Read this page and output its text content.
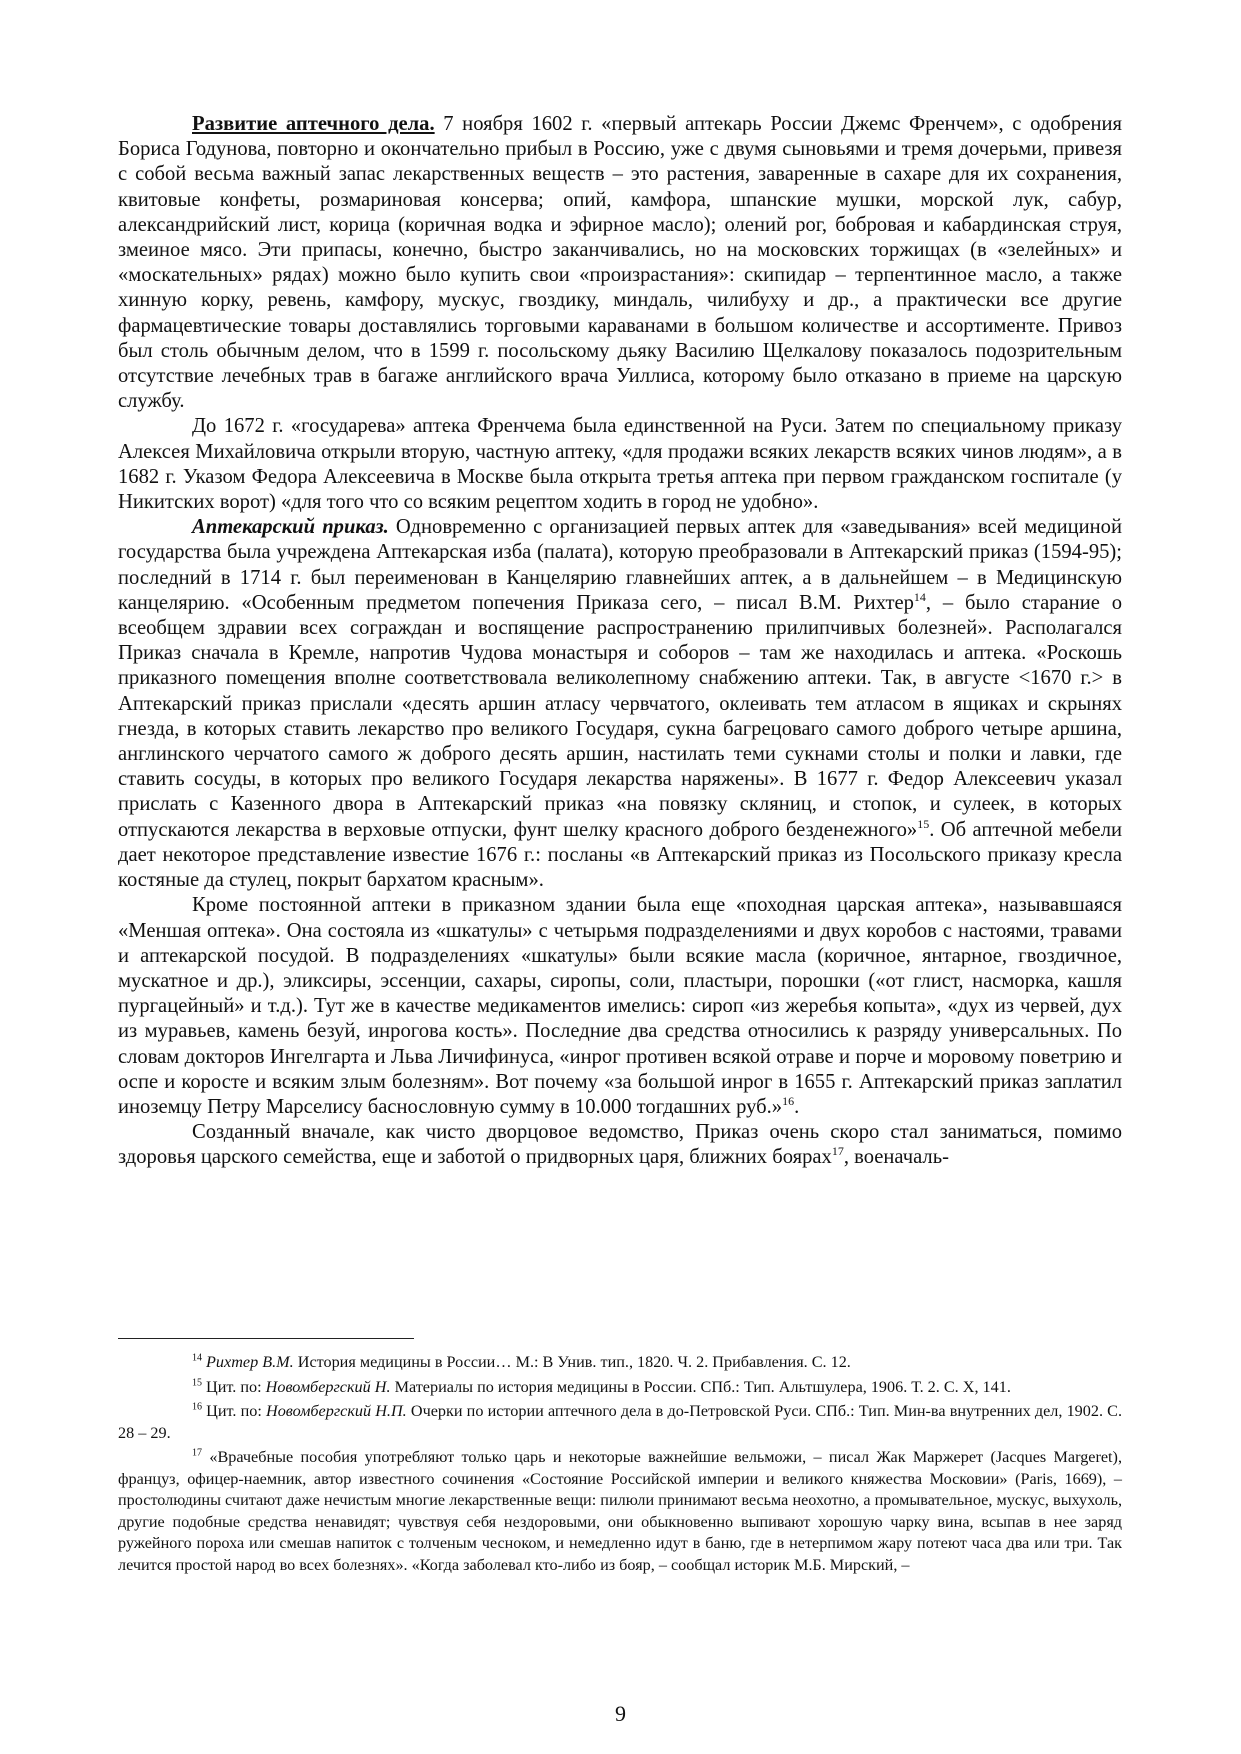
Развитие аптечного дела. 7 ноября 1602 г. «первый аптекарь России Джемс Френчем», с одобрения Бориса Годунова, повторно и окончательно прибыл в Россию, уже с двумя сыновьями и тремя дочерьми, привезя с собой весьма важный запас лекарственных веществ – это растения, заваренные в сахаре для их сохранения, квитовые конфеты, розмариновая консерва; опий, камфора, шпанские мушки, морской лук, сабур, александрийский лист, корица (коричная водка и эфирное масло); олений рог, бобровая и кабардинская струя, змеиное мясо. Эти припасы, конечно, быстро заканчивались, но на московских торжищах (в «зелейных» и «москательных» рядах) можно было купить свои «произрастания»: скипидар – терпентинное масло, а также хинную корку, ревень, камфору, мускус, гвоздику, миндаль, чилибуху и др., а практически все другие фармацевтические товары доставлялись торговыми караванами в большом количестве и ассортименте. Привоз был столь обычным делом, что в 1599 г. посольскому дьяку Василию Щелкалову показалось подозрительным отсутствие лечебных трав в багаже английского врача Уиллиса, которому было отказано в приеме на царскую службу.

До 1672 г. «государева» аптека Френчема была единственной на Руси. Затем по специальному приказу Алексея Михайловича открыли вторую, частную аптеку, «для продажи всяких лекарств всяких чинов людям», а в 1682 г. Указом Федора Алексеевича в Москве была открыта третья аптека при первом гражданском госпитале (у Никитских ворот) «для того что со всяким рецептом ходить в город не удобно».

Аптекарский приказ. Одновременно с организацией первых аптек для «заведывания» всей медициной государства была учреждена Аптекарская изба (палата), которую преобразовали в Аптекарский приказ (1594-95); последний в 1714 г. был переименован в Канцелярию главнейших аптек, а в дальнейшем – в Медицинскую канцелярию. «Особенным предметом попечения Приказа сего, – писал В.М. Рихтер$^{14}$, – было старание о всеобщем здравии всех сограждан и воспящение распространению прилипчивых болезней». Располагался Приказ сначала в Кремле, напротив Чудова монастыря и соборов – там же находилась и аптека. «Роскошь приказного помещения вполне соответствовала великолепному снабжению аптеки. Так, в августе <1670 г.> в Аптекарский приказ прислали «десять аршин атласу червчатого, оклеивать тем атласом в ящиках и скрынях гнезда, в которых ставить лекарство про великого Государя, сукна багрецоваго самого доброго четыре аршина, англинского черчатого самого ж доброго десять аршин, настилать теми сукнами столы и полки и лавки, где ставить сосуды, в которых про великого Государя лекарства наряжены». В 1677 г. Федор Алексеевич указал прислать с Казенного двора в Аптекарский приказ «на повязку скляниц, и стопок, и сулеек, в которых отпускаются лекарства в верховые отпуски, фунт шелку красного доброго безденежного»$^{15}$. Об аптечной мебели дает некоторое представление известие 1676 г.: посланы «в Аптекарский приказ из Посольского приказу кресла костяные да стулец, покрыт бархатом красным».

Кроме постоянной аптеки в приказном здании была еще «походная царская аптека», называвшаяся «Меншая оптека». Она состояла из «шкатулы» с четырьмя подразделениями и двух коробов с настоями, травами и аптекарской посудой. В подразделениях «шкатулы» были всякие масла (коричное, янтарное, гвоздичное, мускатное и др.), эликсиры, эссенции, сахары, сиропы, соли, пластыри, порошки («от глист, насморка, кашля пургацейный» и т.д.). Тут же в качестве медикаментов имелись: сироп «из жеребья копыта», «дух из червей, дух из муравьев, камень безуй, инрогова кость». Последние два средства относились к разряду универсальных. По словам докторов Ингелгарта и Льва Личифинуса, «инрог противен всякой отраве и порче и моровому поветрию и оспе и коросте и всяким злым болезням». Вот почему «за большой инрог в 1655 г. Аптекарский приказ заплатил иноземцу Петру Марселису баснословную сумму в 10.000 тогдашних руб.»$^{16}$.

Созданный вначале, как чисто дворцовое ведомство, Приказ очень скоро стал заниматься, помимо здоровья царского семейства, еще и заботой о придворных царя, ближних боярах$^{17}$, военачаль-

$^{14}$ Рихтер В.М. История медицины в России… М.: В Унив. тип., 1820. Ч. 2. Прибавления. С. 12.

$^{15}$ Цит. по: Новомбергский Н. Материалы по история медицины в России. СПб.: Тип. Альтшулера, 1906. Т. 2. С. X, 141.

$^{16}$ Цит. по: Новомбергский Н.П. Очерки по истории аптечного дела в до-Петровской Руси. СПб.: Тип. Мин-ва внутренних дел, 1902. С. 28 – 29.

$^{17}$ «Врачебные пособия употребляют только царь и некоторые важнейшие вельможи, – писал Жак Маржерет (Jacques Margeret), француз, офицер-наемник, автор известного сочинения «Состояние Российской империи и великого княжества Московии» (Paris, 1669), – простолюдины считают даже нечистым многие лекарственные вещи: пилюли принимают весьма неохотно, а промывательное, мускус, выхухоль, другие подобные средства ненавидят; чувствуя себя нездоровыми, они обыкновенно выпивают хорошую чарку вина, всыпав в нее заряд ружейного пороха или смешав напиток с толченым чесноком, и немедленно идут в баню, где в нетерпимом жару потеют часа два или три. Так лечится простой народ во всех болезнях». «Когда заболевал кто-либо из бояр, – сообщал историк М.Б. Мирский, –

9
